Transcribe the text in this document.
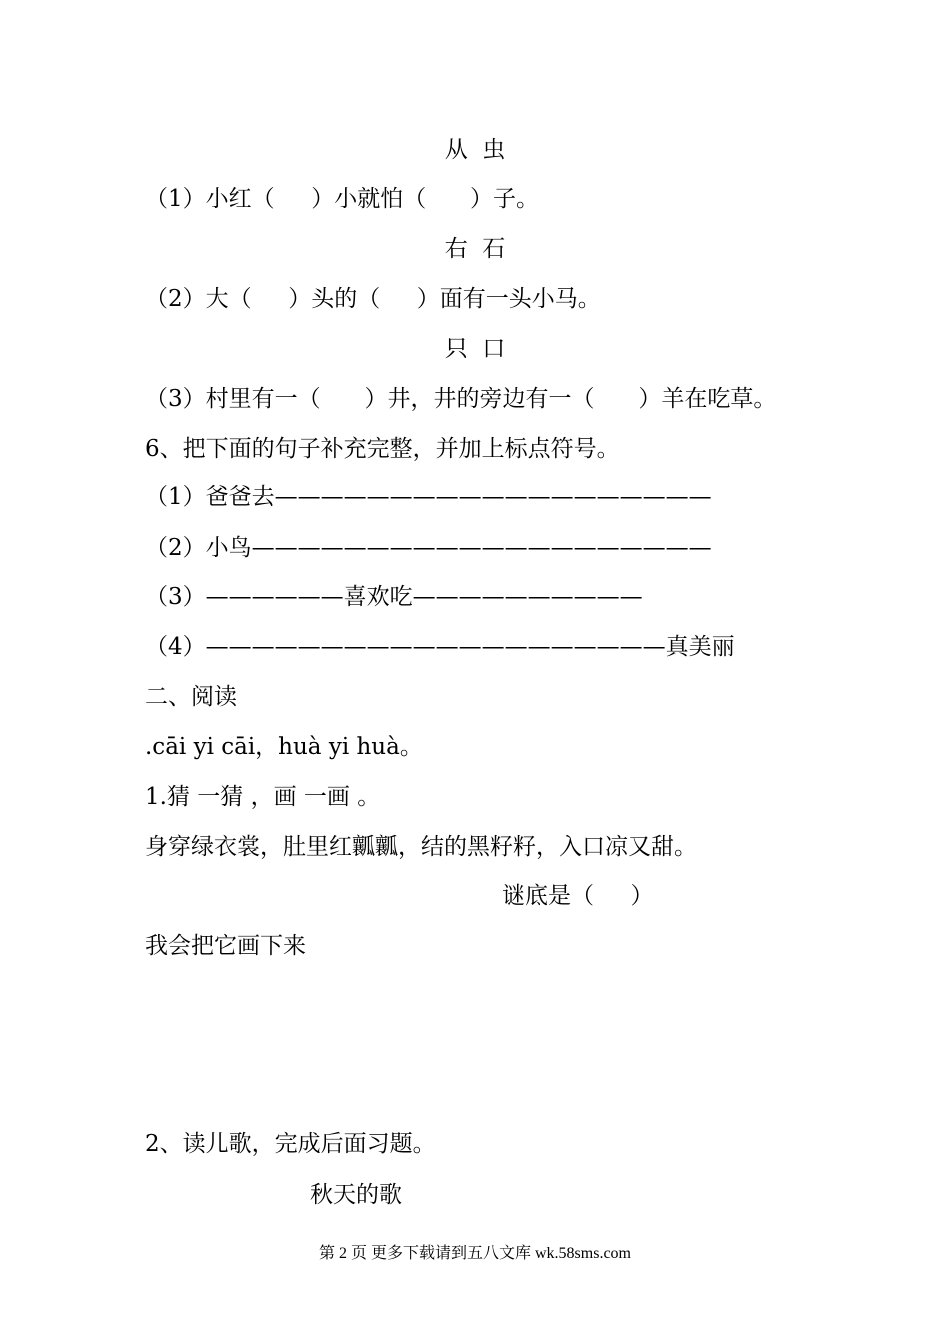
从  虫
（1）小红（     ）小就怕（      ）子。
右  石
（2）大（     ）头的（     ）面有一头小马。
只  口
（3）村里有一（      ）井，井的旁边有一（      ）羊在吃草。
6、把下面的句子补充完整，并加上标点符号。
（1）爸爸去———————————————————
（2）小鸟————————————————————
（3）——————喜欢吃——————————
（4）————————————————————真美丽
二、阅读
.cāi yi cāi，huà yi huà。
1.猜 一猜 ，画 一画 。
身穿绿衣裳，肚里红瓤瓤，结的黑籽籽，入口凉又甜。
谜底是（     ）
我会把它画下来
2、读儿歌，完成后面习题。
秋天的歌
第 2 页 更多下载请到五八文库 wk.58sms.com
